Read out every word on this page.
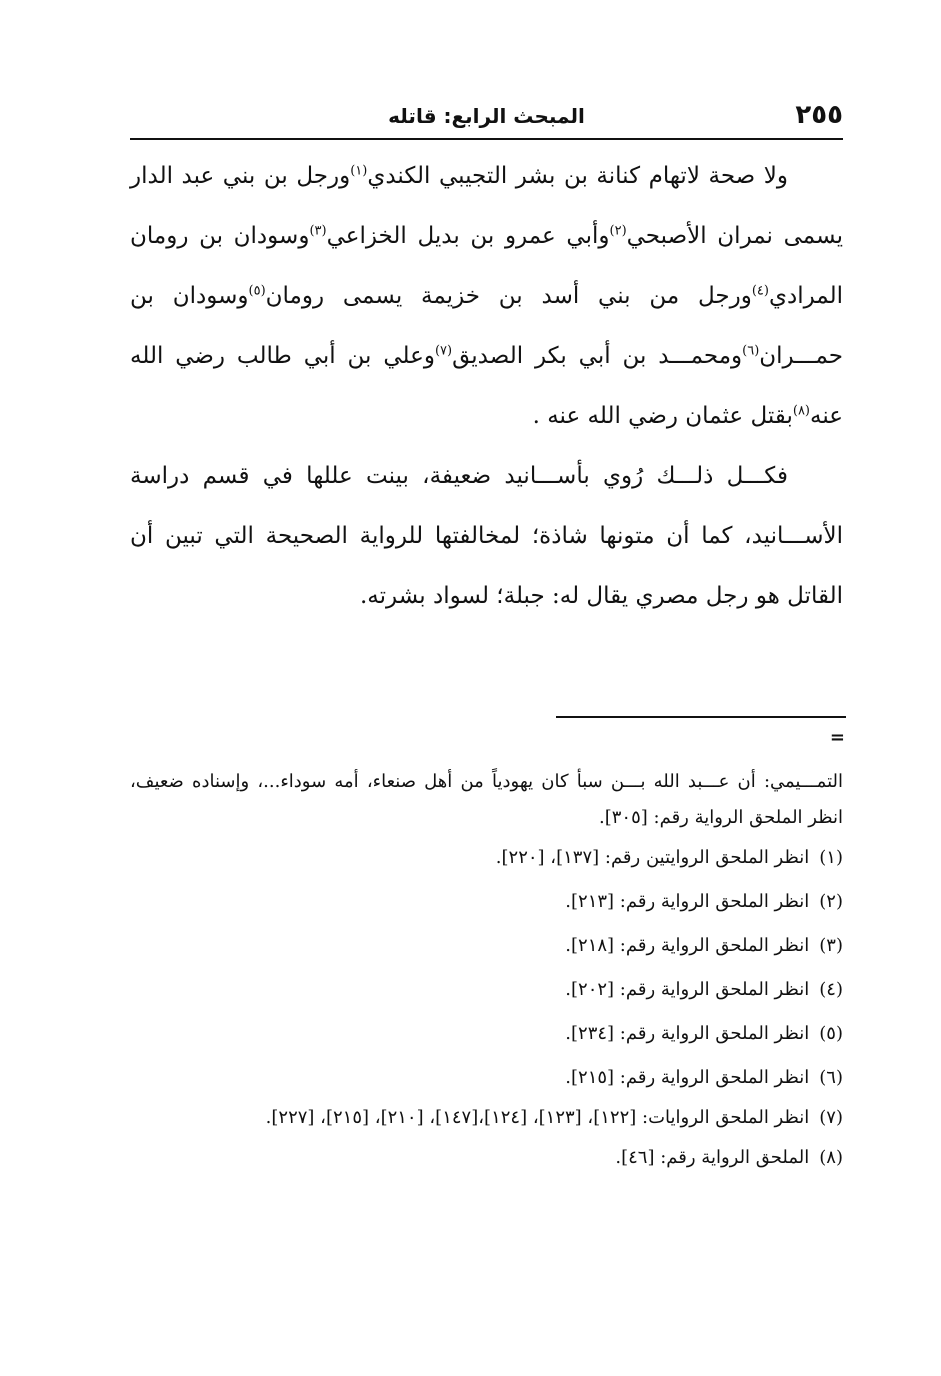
٢٥٥
المبحث الرابع: قاتله

ولا صحة لاتهام كنانة بن بشر التجيبي الكندي$^{(١)}$ورجل بن بني عبد الدار يسمى نمران الأصبحي$^{(٢)}$وأبي عمرو بن بديل الخزاعي$^{(٣)}$وسودان بن رومان المرادي$^{(٤)}$ورجل من بني أسد بن خزيمة يسمى رومان$^{(٥)}$وسودان بن حمـــران$^{(٦)}$ومحمـــد بن أبي بكر الصديق$^{(٧)}$وعلي بن أبي طالب رضي الله عنه$^{(٨)}$بقتل عثمان رضي الله عنه .

فكـــل ذلـــك رُوي بأســـانيد ضعيفة، بينت عللها في قسم دراسة الأســـانيد، كما أن متونها شاذة؛ لمخالفتها للرواية الصحيحة التي تبين أن القاتل هو رجل مصري يقال له: جبلة؛ لسواد بشرته.

=

التمـــيمي: أن عـــبد الله بـــن سبأ كان يهودياً من أهل صنعاء، أمه سوداء...، وإسناده ضعيف، انظر الملحق الرواية رقم: [٣٠٥].

(١)انظر الملحق الروايتين رقم: [١٣٧]، [٢٢٠].

(٢)انظر الملحق الرواية رقم: [٢١٣].

(٣)انظر الملحق الرواية رقم: [٢١٨].

(٤)انظر الملحق الرواية رقم: [٢٠٢].

(٥)انظر الملحق الرواية رقم: [٢٣٤].

(٦)انظر الملحق الرواية رقم: [٢١٥].

(٧)انظر الملحق الروايات: [١٢٢]، [١٢٣]، [١٢٤]،[١٤٧]، [٢١٠]، [٢١٥]، [٢٢٧].

(٨)الملحق الرواية رقم: [٤٦].
